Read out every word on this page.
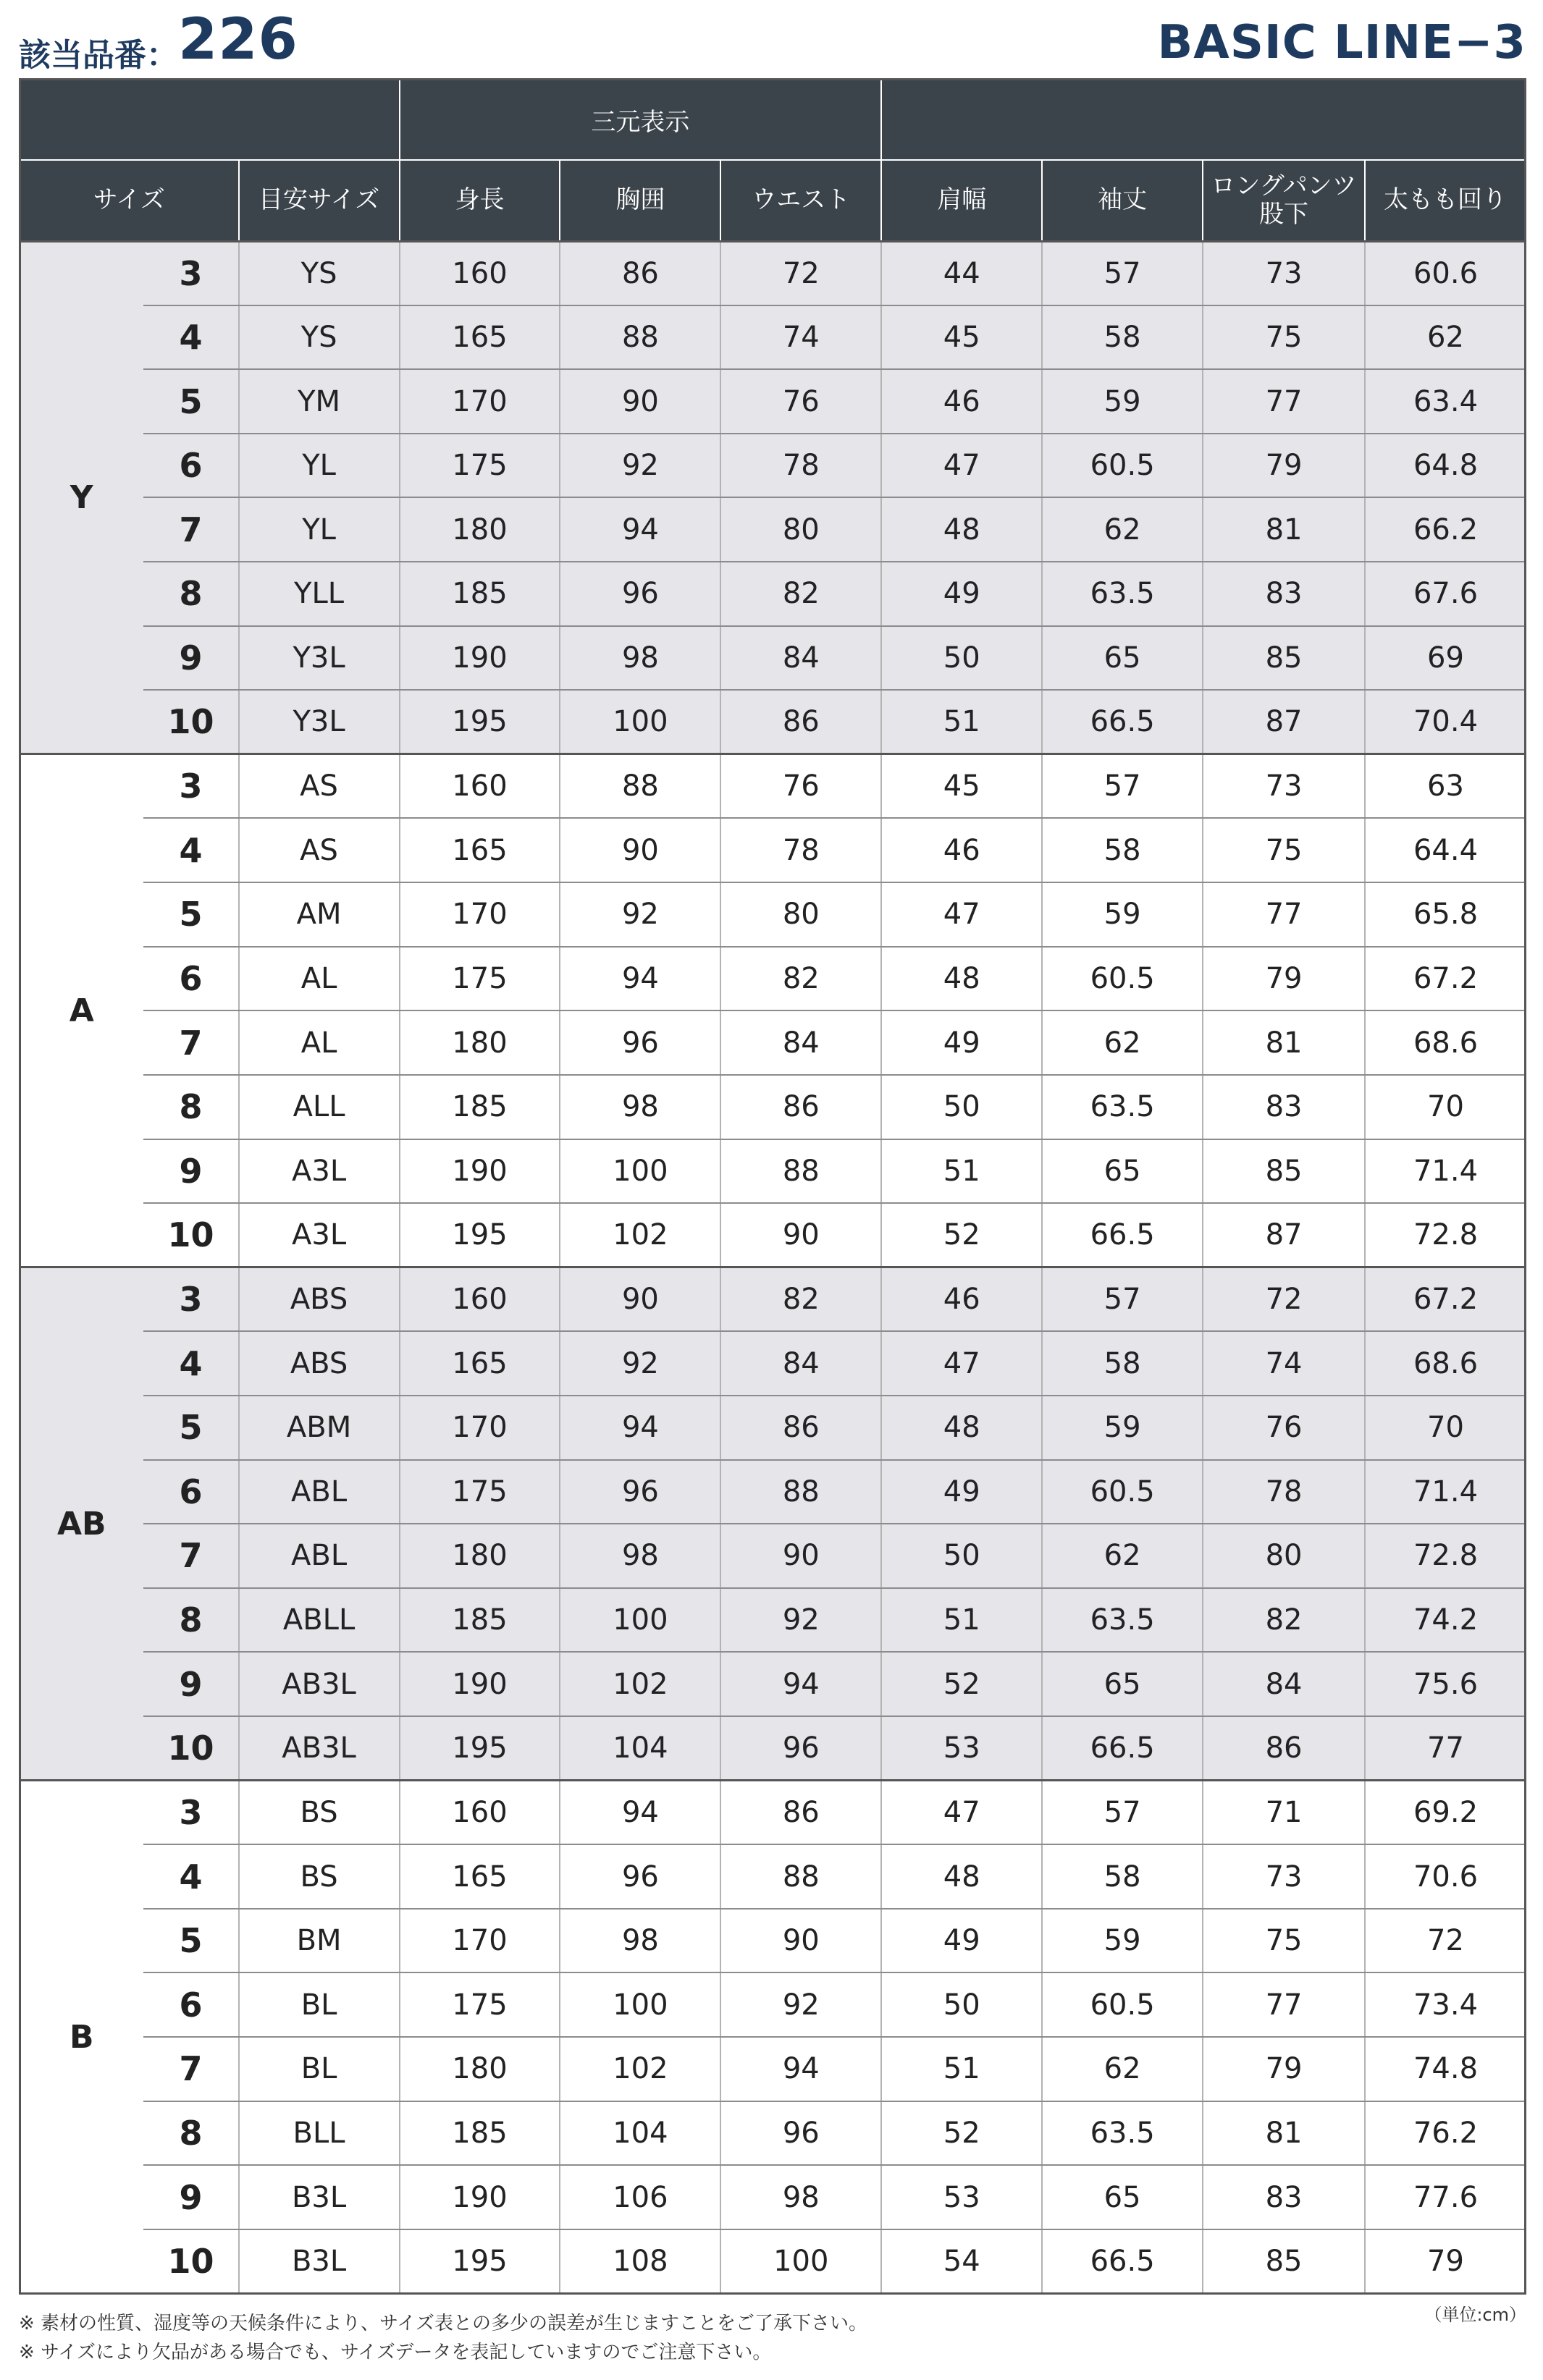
該当品番： 226	BASIC LINE−3
			三元表示						
サイズ		目安サイズ	身長	胸囲	ウエスト	肩幅	袖丈	ロングパンツ
股下	太もも回り
Y	3	YS	160	86	72	44	57	73	60.6
	4	YS	165	88	74	45	58	75	62
	5	YM	170	90	76	46	59	77	63.4
	6	YL	175	92	78	47	60.5	79	64.8
	7	YL	180	94	80	48	62	81	66.2
	8	YLL	185	96	82	49	63.5	83	67.6
	9	Y3L	190	98	84	50	65	85	69
	10	Y3L	195	100	86	51	66.5	87	70.4
A	3	AS	160	88	76	45	57	73	63
	4	AS	165	90	78	46	58	75	64.4
	5	AM	170	92	80	47	59	77	65.8
	6	AL	175	94	82	48	60.5	79	67.2
	7	AL	180	96	84	49	62	81	68.6
	8	ALL	185	98	86	50	63.5	83	70
	9	A3L	190	100	88	51	65	85	71.4
	10	A3L	195	102	90	52	66.5	87	72.8
AB	3	ABS	160	90	82	46	57	72	67.2
	4	ABS	165	92	84	47	58	74	68.6
	5	ABM	170	94	86	48	59	76	70
	6	ABL	175	96	88	49	60.5	78	71.4
	7	ABL	180	98	90	50	62	80	72.8
	8	ABLL	185	100	92	51	63.5	82	74.2
	9	AB3L	190	102	94	52	65	84	75.6
	10	AB3L	195	104	96	53	66.5	86	77
B	3	BS	160	94	86	47	57	71	69.2
	4	BS	165	96	88	48	58	73	70.6
	5	BM	170	98	90	49	59	75	72
	6	BL	175	100	92	50	60.5	77	73.4
	7	BL	180	102	94	51	62	79	74.8
	8	BLL	185	104	96	52	63.5	81	76.2
	9	B3L	190	106	98	53	65	83	77.6
	10	B3L	195	108	100	54	66.5	85	79
（単位:cm）
※ 素材の性質、湿度等の天候条件により、サイズ表との多少の誤差が生じますことをご了承下さい。
※ サイズにより欠品がある場合でも、サイズデータを表記していますのでご注意下さい。
